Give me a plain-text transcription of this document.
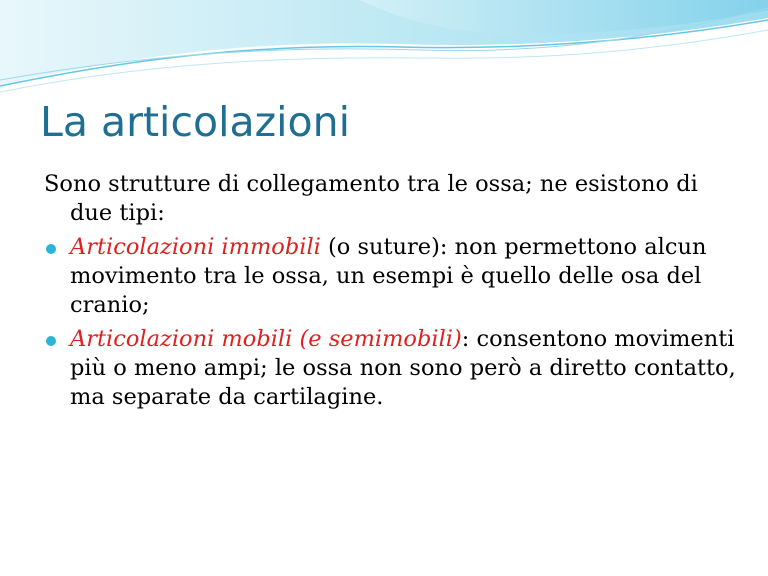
La articolazioni

Sono strutture di collegamento tra le ossa; ne esistono di due tipi:

Articolazioni immobili (o suture): non permettono alcun movimento tra le ossa, un esempi è quello delle osa del cranio;
Articolazioni mobili (e semimobili): consentono movimenti più o meno ampi; le ossa non sono però a diretto contatto, ma separate da cartilagine.
